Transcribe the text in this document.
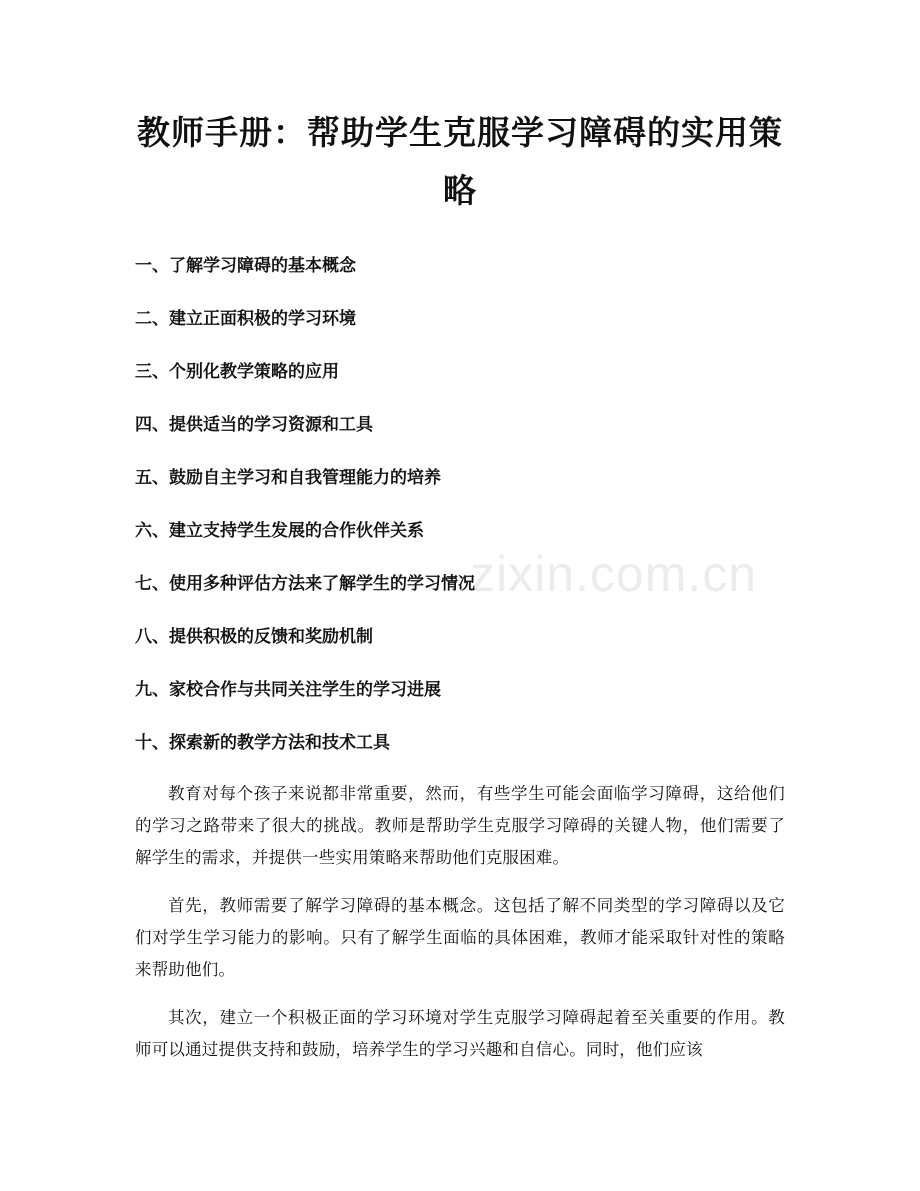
zixin.com.cn
教师手册：帮助学生克服学习障碍的实用策略
一、了解学习障碍的基本概念
二、建立正面积极的学习环境
三、个别化教学策略的应用
四、提供适当的学习资源和工具
五、鼓励自主学习和自我管理能力的培养
六、建立支持学生发展的合作伙伴关系
七、使用多种评估方法来了解学生的学习情况
八、提供积极的反馈和奖励机制
九、家校合作与共同关注学生的学习进展
十、探索新的教学方法和技术工具

教育对每个孩子来说都非常重要，然而，有些学生可能会面临学习障碍，这给他们的学习之路带来了很大的挑战。教师是帮助学生克服学习障碍的关键人物，他们需要了解学生的需求，并提供一些实用策略来帮助他们克服困难。

首先，教师需要了解学习障碍的基本概念。这包括了解不同类型的学习障碍以及它们对学生学习能力的影响。只有了解学生面临的具体困难，教师才能采取针对性的策略来帮助他们。

其次，建立一个积极正面的学习环境对学生克服学习障碍起着至关重要的作用。教师可以通过提供支持和鼓励，培养学生的学习兴趣和自信心。同时，他们应该
